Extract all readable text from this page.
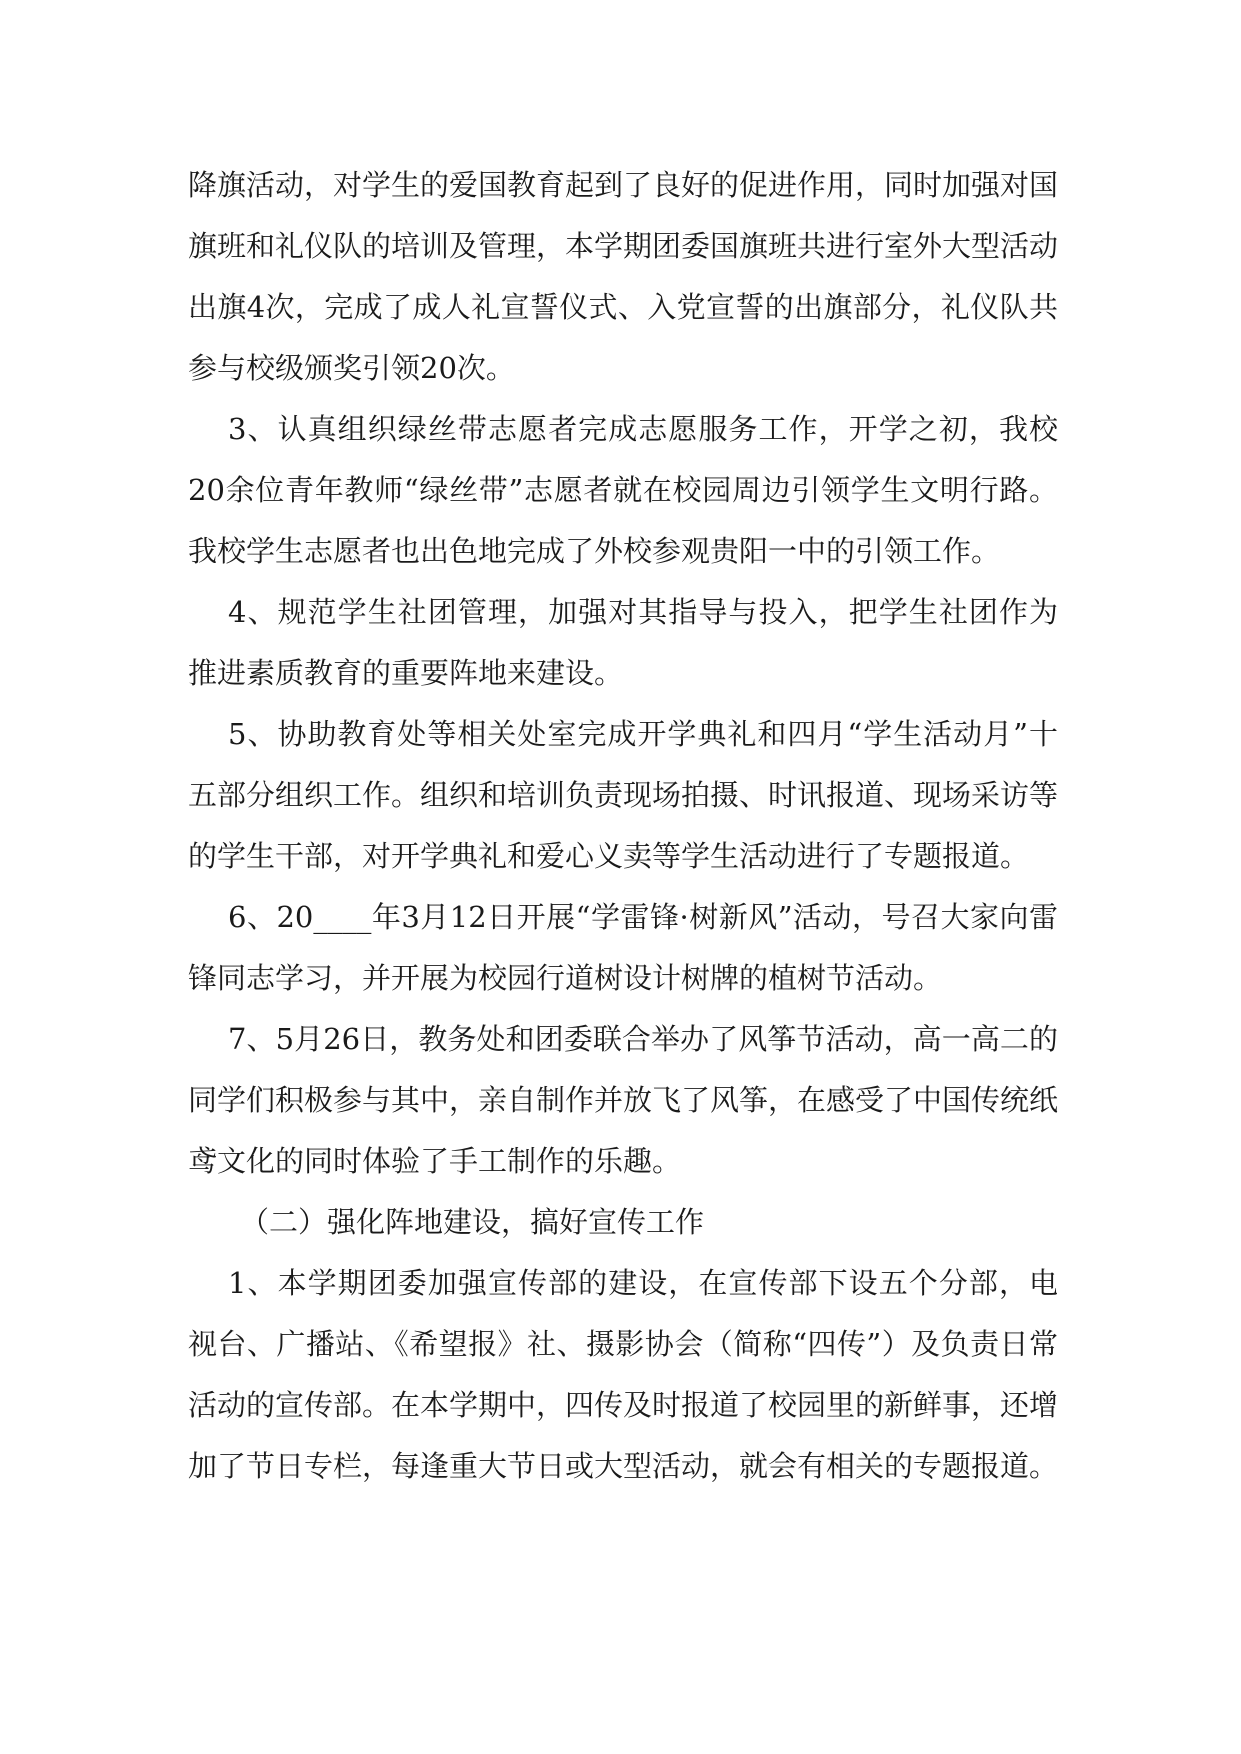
降旗活动，对学生的爱国教育起到了良好的促进作用，同时加强对国旗班和礼仪队的培训及管理，本学期团委国旗班共进行室外大型活动出旗4次，完成了成人礼宣誓仪式、入党宣誓的出旗部分，礼仪队共参与校级颁奖引领20次。

3、认真组织绿丝带志愿者完成志愿服务工作，开学之初，我校20余位青年教师“绿丝带”志愿者就在校园周边引领学生文明行路。我校学生志愿者也出色地完成了外校参观贵阳一中的引领工作。

4、规范学生社团管理，加强对其指导与投入，把学生社团作为推进素质教育的重要阵地来建设。

5、协助教育处等相关处室完成开学典礼和四月“学生活动月”十五部分组织工作。组织和培训负责现场拍摄、时讯报道、现场采访等的学生干部，对开学典礼和爱心义卖等学生活动进行了专题报道。

6、20____年3月12日开展“学雷锋·树新风”活动，号召大家向雷锋同志学习，并开展为校园行道树设计树牌的植树节活动。

7、5月26日，教务处和团委联合举办了风筝节活动，高一高二的同学们积极参与其中，亲自制作并放飞了风筝，在感受了中国传统纸鸢文化的同时体验了手工制作的乐趣。

（二）强化阵地建设，搞好宣传工作

1、本学期团委加强宣传部的建设，在宣传部下设五个分部，电视台、广播站、《希望报》社、摄影协会（简称“四传”）及负责日常活动的宣传部。在本学期中，四传及时报道了校园里的新鲜事，还增加了节日专栏，每逢重大节日或大型活动，就会有相关的专题报道。
